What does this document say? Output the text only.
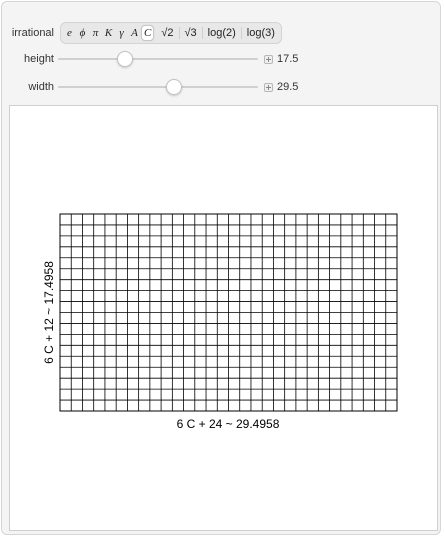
irrational	e ϕ π K γ A C √2	√3	log(2)	log(3)
height	17.5
width	29.5
6 C + 24 ~ 29.4958
6 C + 12 ~ 17.4958
